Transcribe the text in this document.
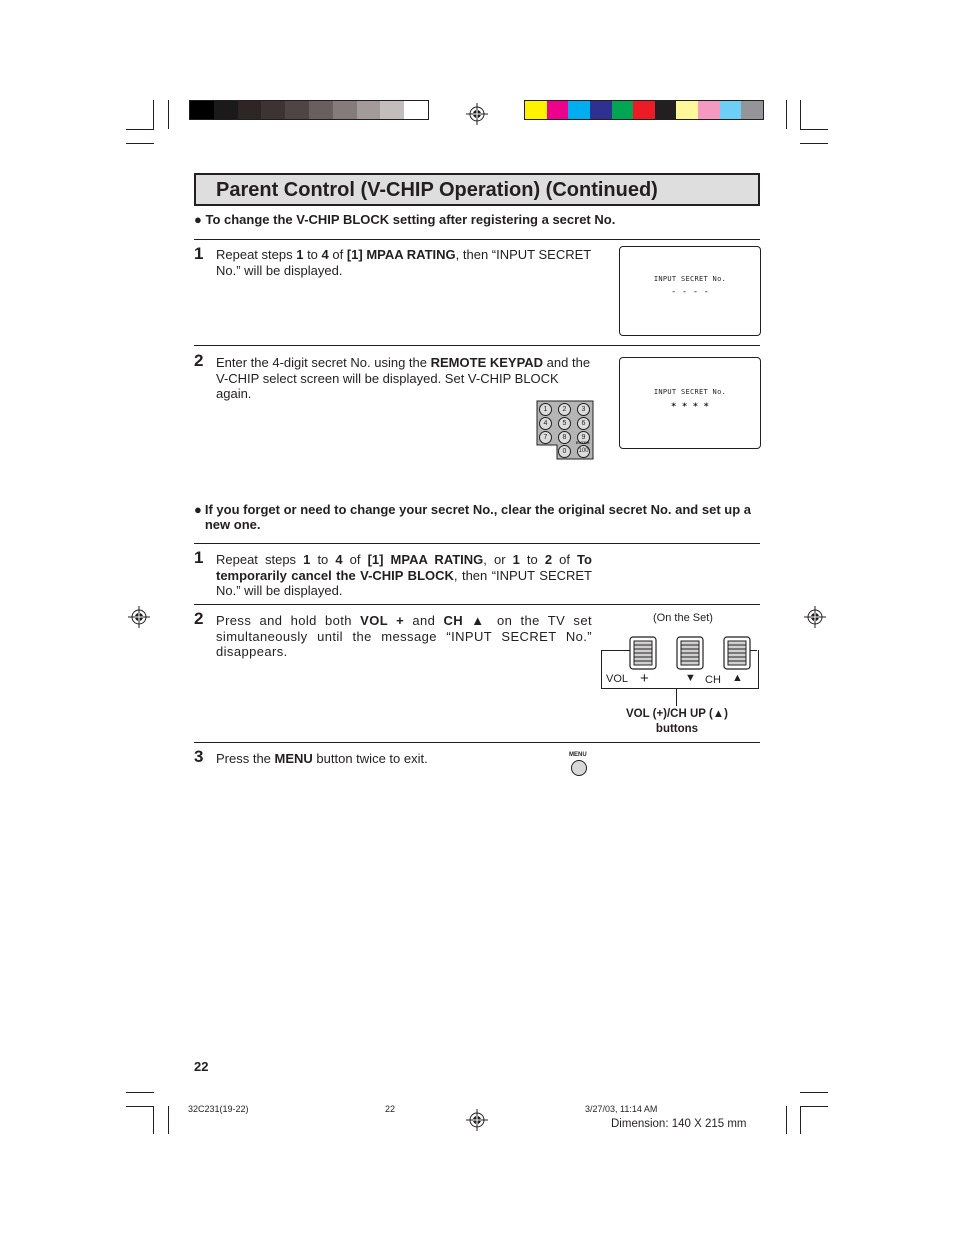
Parent Control (V-CHIP Operation) (Continued)
● To change the V-CHIP BLOCK setting after registering a secret No.
1 Repeat steps 1 to 4 of [1] MPAA RATING, then “INPUT SECRET No.” will be displayed.
INPUT SECRET No.
- - - -
2 Enter the 4-digit secret No. using the REMOTE KEYPAD and the V-CHIP select screen will be displayed. Set V-CHIP BLOCK again.	INPUT SECRET No.
* * * *
1	2	3
4	5	6
7	8	9
ENTER
0	100
● If you forget or need to change your secret No., clear the original secret No. and set up a new one.
1 Repeat steps 1 to 4 of [1] MPAA RATING, or 1 to 2 of To temporarily cancel the V-CHIP BLOCK, then “INPUT SECRET No.” will be displayed.
2 Press and hold both VOL + and CH ▲ on the TV set simultaneously until the message “INPUT SECRET No.” disappears.
(On the Set)
VOL +	▼ CH ▲
VOL (+)/CH UP (▲)
buttons
3 Press the MENU button twice to exit.	MENU
22
32C231(19-22)	22	3/27/03, 11:14 AM
Dimension: 140 X 215 mm
